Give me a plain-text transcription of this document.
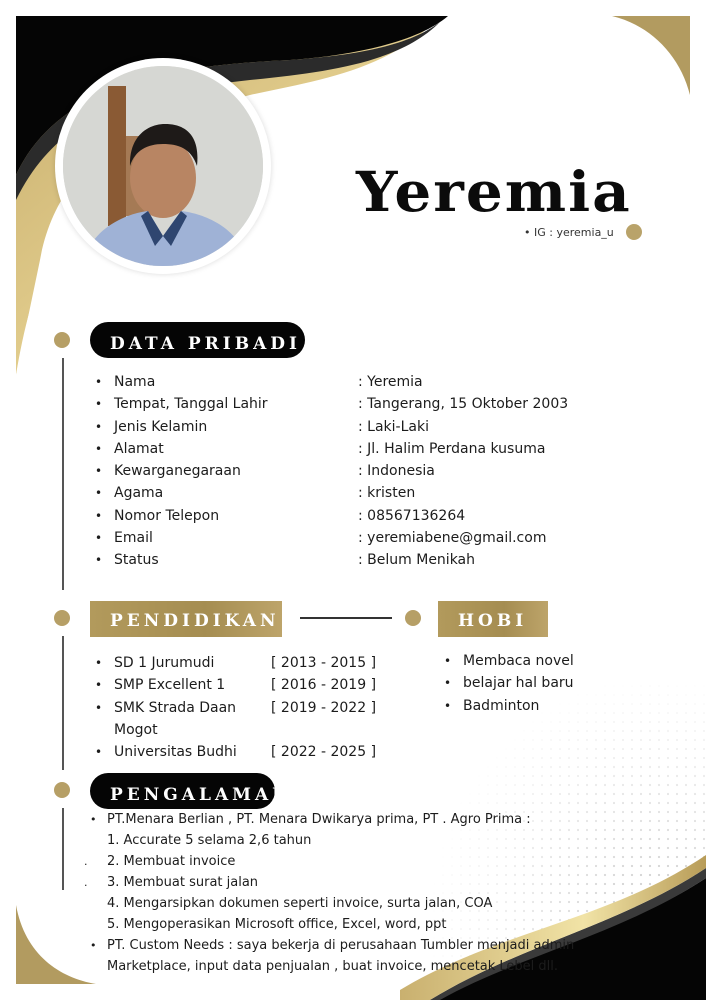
Yeremia
• IG : yeremia_u
DATA PRIBADI
• Nama
• Tempat, Tanggal Lahir
• Jenis Kelamin
• Alamat
• Kewarganegaraan
• Agama
• Nomor Telepon
• Email
• Status
: Yeremia
: Tangerang, 15 Oktober 2003
: Laki-Laki
: Jl. Halim Perdana kusuma
: Indonesia
: kristen
: 08567136264
: yeremiabene@gmail.com
: Belum Menikah
PENDIDIKAN
• SD 1 Jurumudi
• SMP Excellent 1
• SMK Strada Daan
Mogot
• Universitas Budhi
[ 2013 - 2015 ]
[ 2016 - 2019 ]
[ 2019 - 2022 ]
[ 2022 - 2025 ]
HOBI
• Membaca novel
• belajar hal baru
• Badminton
PENGALAMAN
• PT.Menara Berlian , PT. Menara Dwikarya prima, PT . Agro Prima :
1. Accurate 5 selama 2,6 tahun
. 2. Membuat invoice
. 3. Membuat surat jalan
4. Mengarsipkan dokumen seperti invoice, surta jalan, COA
5. Mengoperasikan Microsoft office, Excel, word, ppt
• PT. Custom Needs : saya bekerja di perusahaan Tumbler menjadi admin
Marketplace, input data penjualan , buat invoice, mencetak Lebel dll.
